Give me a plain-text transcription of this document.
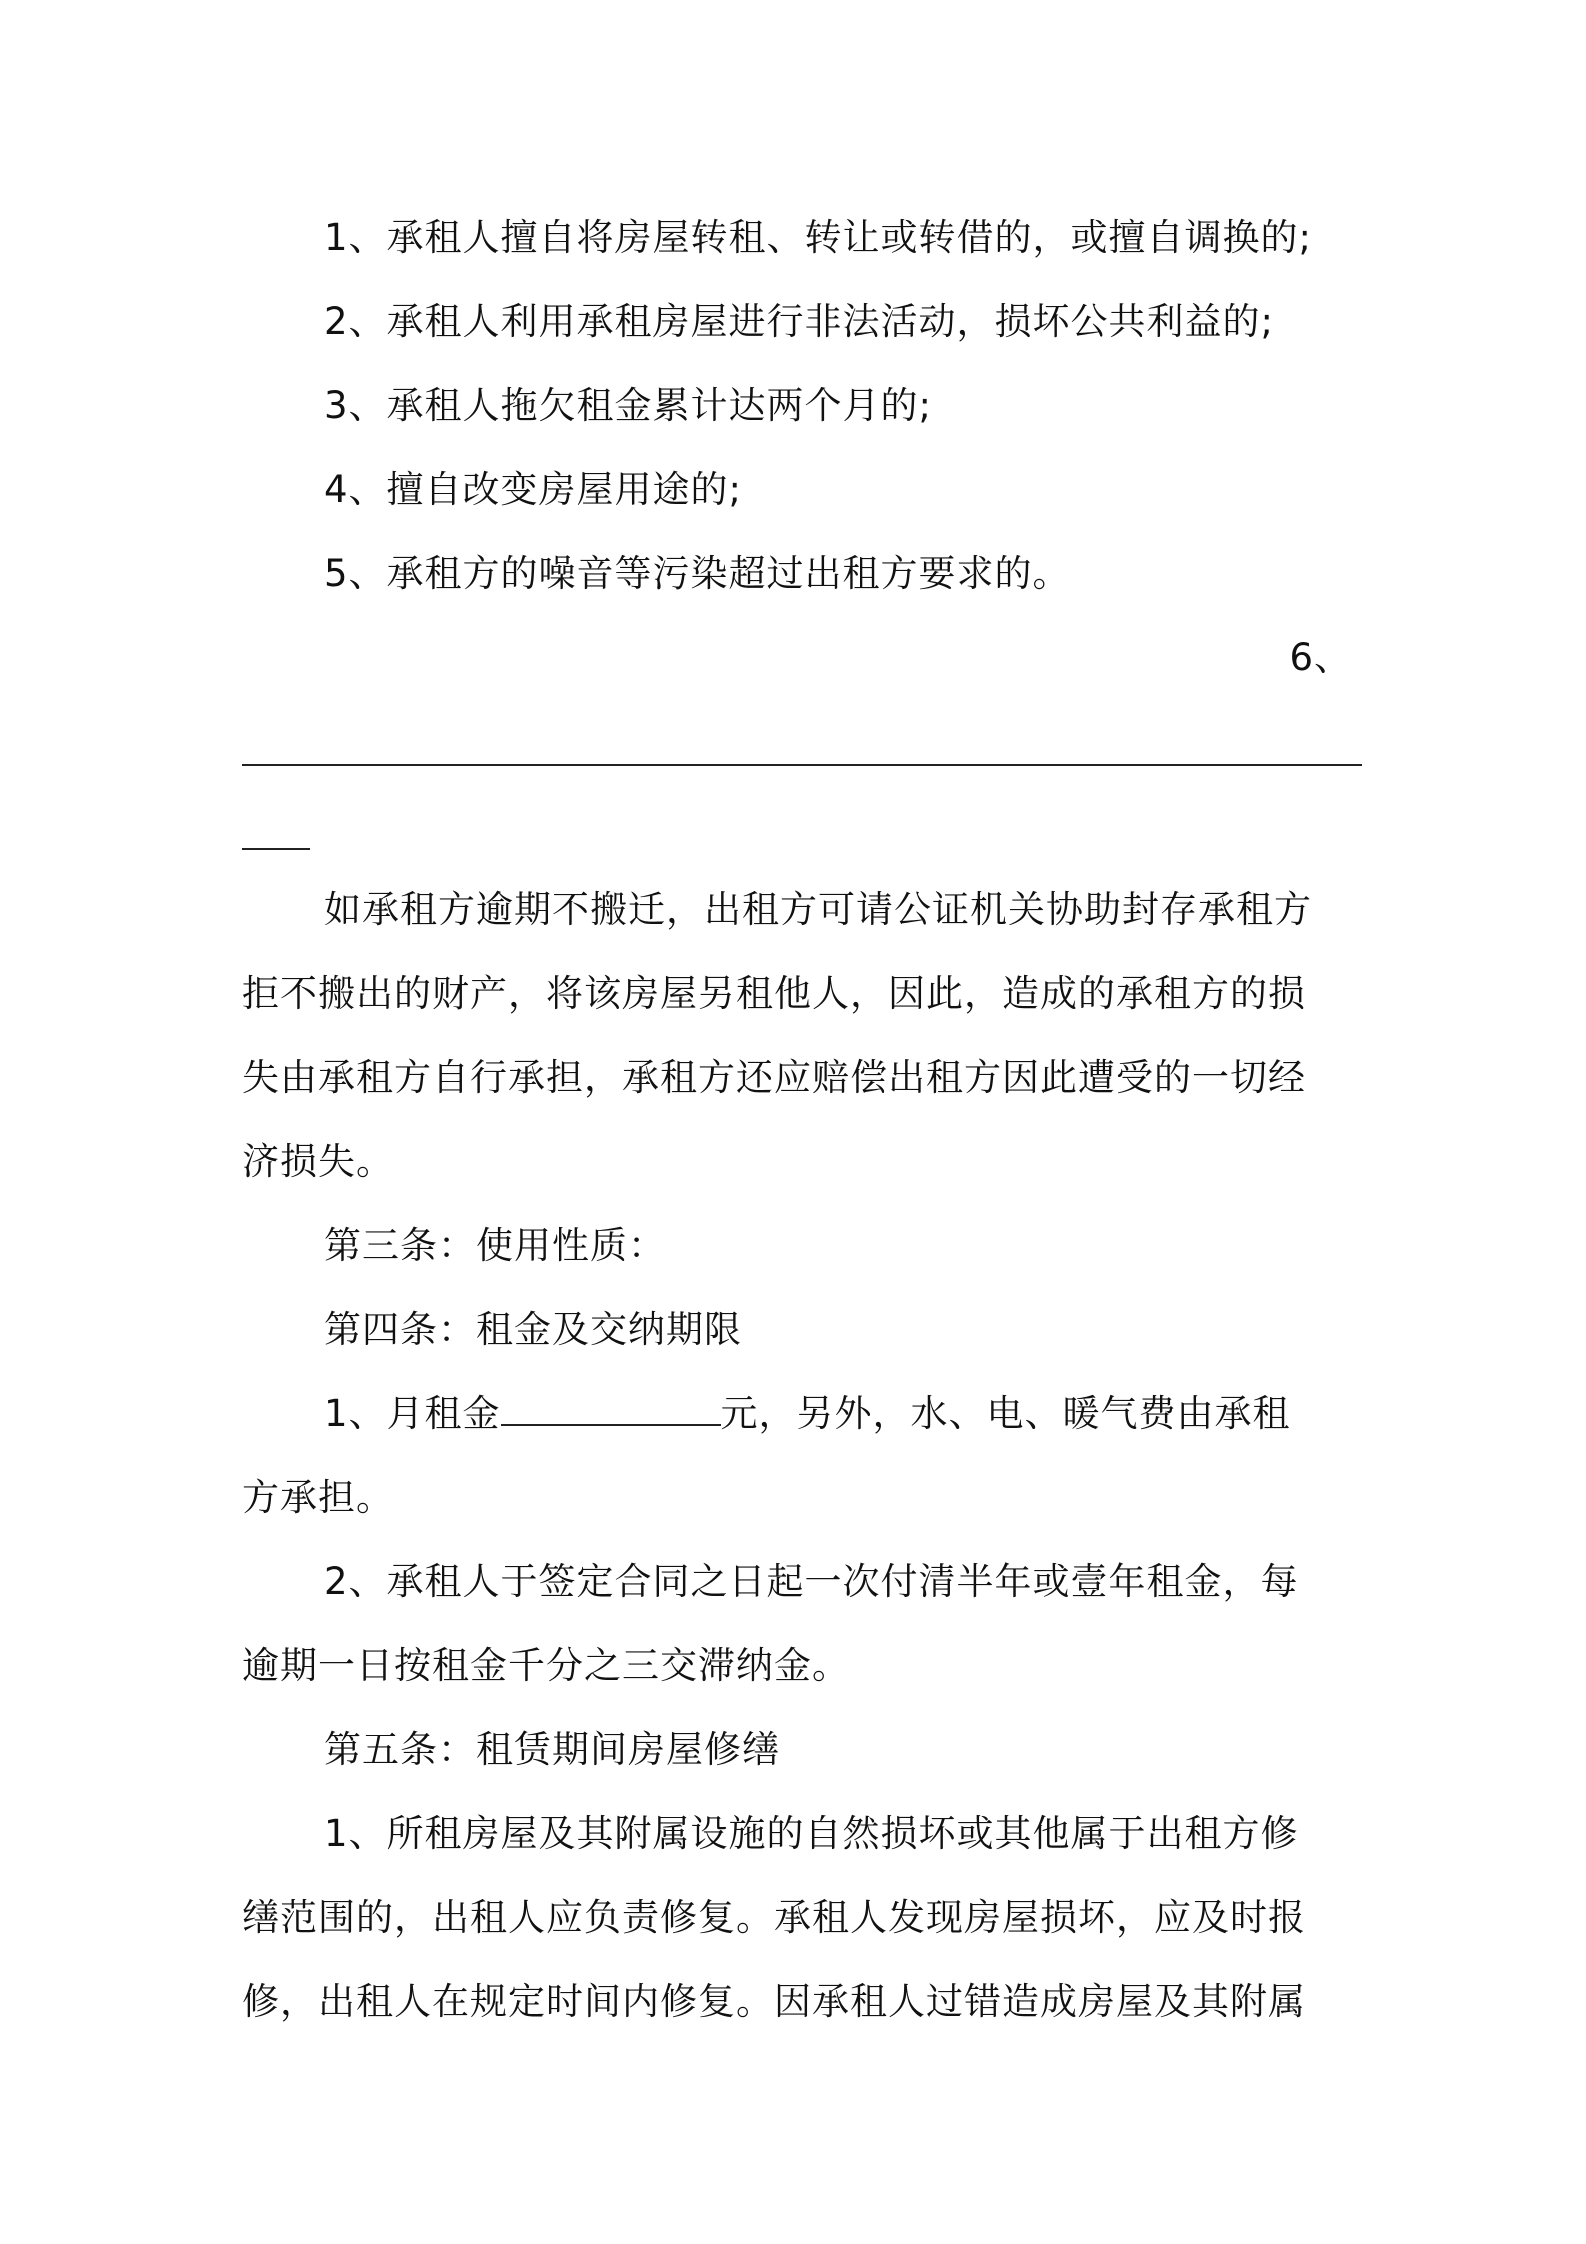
1、承租人擅自将房屋转租、转让或转借的，或擅自调换的;

2、承租人利用承租房屋进行非法活动，损坏公共利益的;

3、承租人拖欠租金累计达两个月的;

4、擅自改变房屋用途的;

5、承租方的噪音等污染超过出租方要求的。

6、

如承租方逾期不搬迁，出租方可请公证机关协助封存承租方

拒不搬出的财产，将该房屋另租他人，因此，造成的承租方的损

失由承租方自行承担，承租方还应赔偿出租方因此遭受的一切经

济损失。

第三条：使用性质：

第四条：租金及交纳期限

1、月租金	元，另外，水、电、暖气费由承租

方承担。

2、承租人于签定合同之日起一次付清半年或壹年租金，每

逾期一日按租金千分之三交滞纳金。

第五条：租赁期间房屋修缮

1、所租房屋及其附属设施的自然损坏或其他属于出租方修

缮范围的，出租人应负责修复。承租人发现房屋损坏，应及时报

修，出租人在规定时间内修复。因承租人过错造成房屋及其附属
